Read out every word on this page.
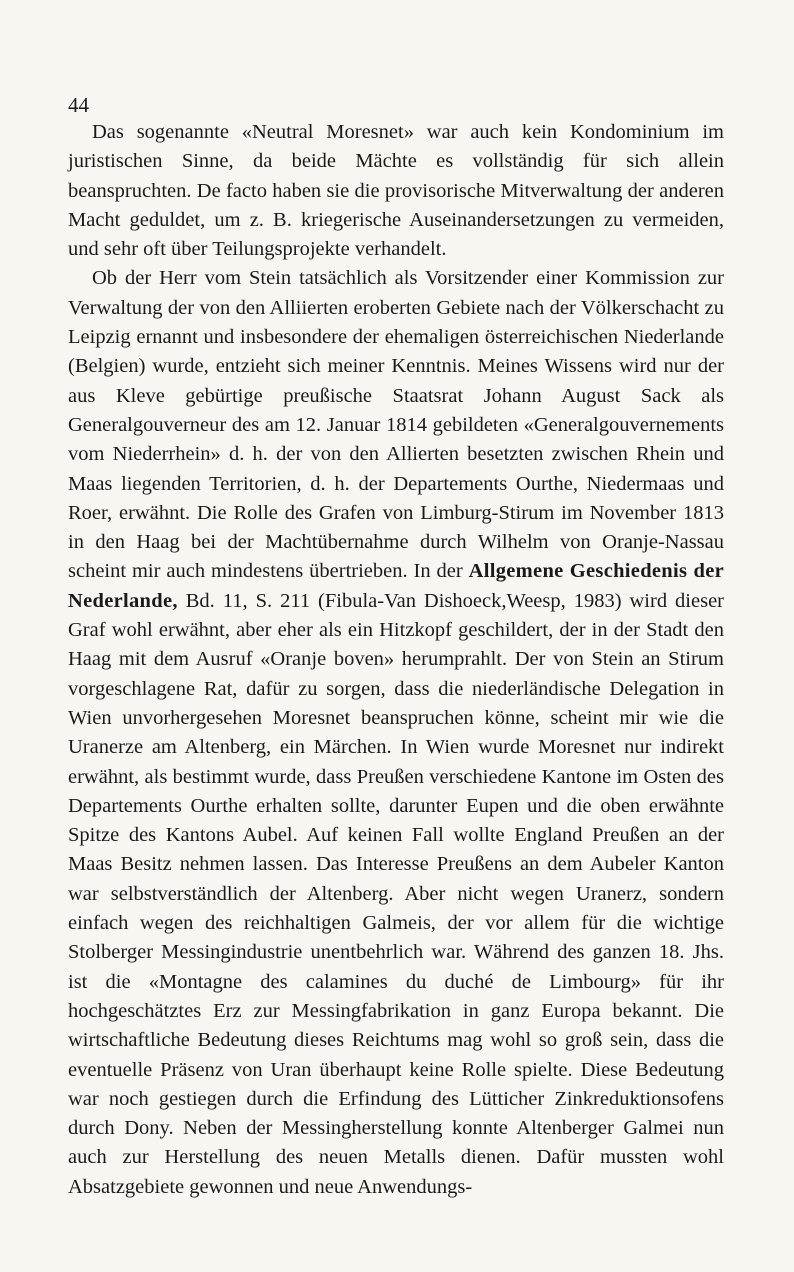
44

Das sogenannte «Neutral Moresnet» war auch kein Kondominium im juristischen Sinne, da beide Mächte es vollständig für sich allein beanspruchten. De facto haben sie die provisorische Mitverwaltung der anderen Macht geduldet, um z. B. kriegerische Auseinandersetzungen zu vermeiden, und sehr oft über Teilungsprojekte verhandelt.

Ob der Herr vom Stein tatsächlich als Vorsitzender einer Kommission zur Verwaltung der von den Alliierten eroberten Gebiete nach der Völkerschacht zu Leipzig ernannt und insbesondere der ehemaligen österreichischen Niederlande (Belgien) wurde, entzieht sich meiner Kenntnis. Meines Wissens wird nur der aus Kleve gebürtige preußische Staatsrat Johann August Sack als Generalgouverneur des am 12. Januar 1814 gebildeten «Generalgouvernements vom Niederrhein» d. h. der von den Allierten besetzten zwischen Rhein und Maas liegenden Territorien, d. h. der Departements Ourthe, Niedermaas und Roer, erwähnt. Die Rolle des Grafen von Limburg-Stirum im November 1813 in den Haag bei der Machtübernahme durch Wilhelm von Oranje-Nassau scheint mir auch mindestens übertrieben. In der Allgemene Geschiedenis der Nederlande, Bd. 11, S. 211 (Fibula-Van Dishoeck,Weesp, 1983) wird dieser Graf wohl erwähnt, aber eher als ein Hitzkopf geschildert, der in der Stadt den Haag mit dem Ausruf «Oranje boven» herumprahlt. Der von Stein an Stirum vorgeschlagene Rat, dafür zu sorgen, dass die niederländische Delegation in Wien unvorhergesehen Moresnet beanspruchen könne, scheint mir wie die Uranerze am Altenberg, ein Märchen. In Wien wurde Moresnet nur indirekt erwähnt, als bestimmt wurde, dass Preußen verschiedene Kantone im Osten des Departements Ourthe erhalten sollte, darunter Eupen und die oben erwähnte Spitze des Kantons Aubel. Auf keinen Fall wollte England Preußen an der Maas Besitz nehmen lassen. Das Interesse Preußens an dem Aubeler Kanton war selbstverständlich der Altenberg. Aber nicht wegen Uranerz, sondern einfach wegen des reichhaltigen Galmeis, der vor allem für die wichtige Stolberger Messingindustrie unentbehrlich war. Während des ganzen 18. Jhs. ist die «Montagne des calamines du duché de Limbourg» für ihr hochgeschätztes Erz zur Messingfabrikation in ganz Europa bekannt. Die wirtschaftliche Bedeutung dieses Reichtums mag wohl so groß sein, dass die eventuelle Präsenz von Uran überhaupt keine Rolle spielte. Diese Bedeutung war noch gestiegen durch die Erfindung des Lütticher Zinkreduktionsofens durch Dony. Neben der Messingherstellung konnte Altenberger Galmei nun auch zur Herstellung des neuen Metalls dienen. Dafür mussten wohl Absatzgebiete gewonnen und neue Anwendungs-
